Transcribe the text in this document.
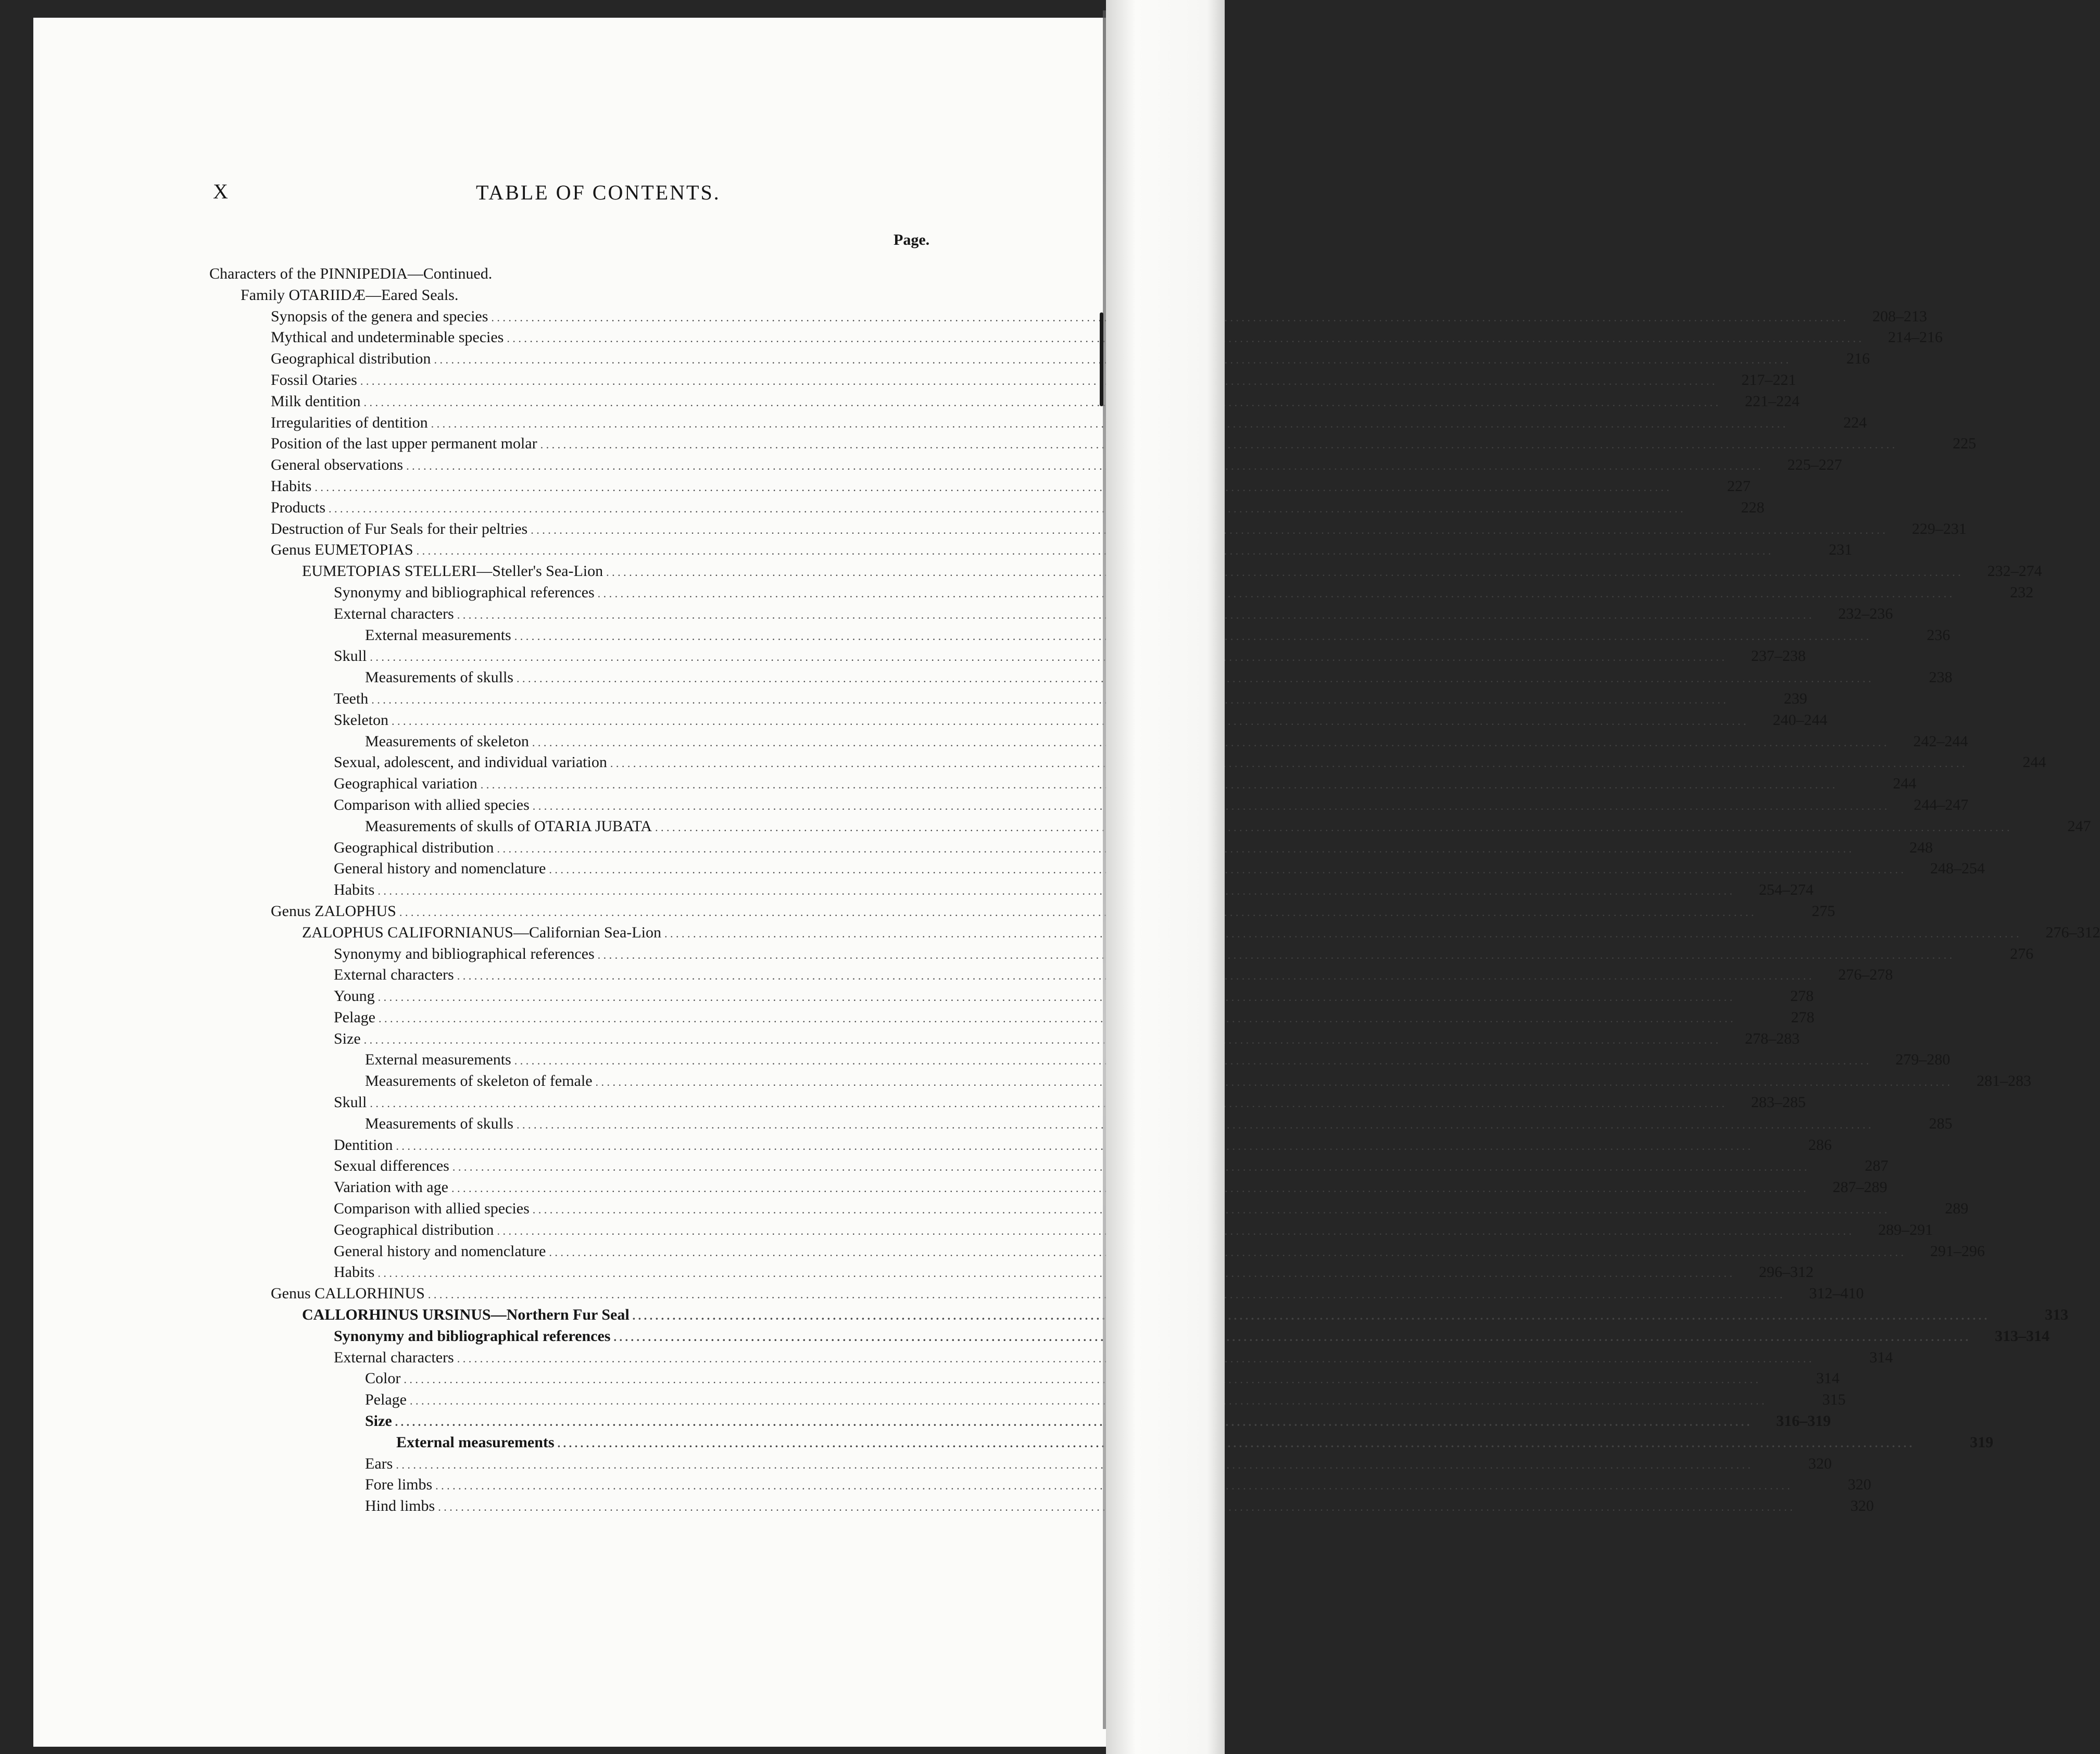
X	TABLE OF CONTENTS.
Page.
Characters of the PINNIPEDIA—Continued.
Family OTARIIDÆ—Eared Seals.
Synopsis of the genera and species . . .	208–213
Mythical and undeterminable species . . .	214–216
Geographical distribution . . .	216
Fossil Otaries . . .	217–221
Milk dentition . . .	221–224
Irregularities of dentition . . .	224
Position of the last upper permanent molar . . .	225
General observations . . .	225–227
Habits . . .	227
Products . . .	228
Destruction of Fur Seals for their peltries . . .	229–231
Genus EUMETOPIAS . . .	231
EUMETOPIAS STELLERI—Steller's Sea-Lion . . .	232–274
Synonymy and bibliographical references . . .	232
External characters . . .	232–236
External measurements . . .	236
Skull . . .	237–238
Measurements of skulls . . .	238
Teeth . . .	239
Skeleton . . .	240–244
Measurements of skeleton . . .	242–244
Sexual, adolescent, and individual variation . . .	244
Geographical variation . . .	244
Comparison with allied species . . .	244–247
Measurements of skulls of OTARIA JUBATA . . .	247
Geographical distribution . . .	248
General history and nomenclature . . .	248–254
Habits . . .	254–274
Genus ZALOPHUS . . .	275
ZALOPHUS CALIFORNIANUS—Californian Sea-Lion . . .	276–312
Synonymy and bibliographical references . . .	276
External characters . . .	276–278
Young . . .	278
Pelage . . .	278
Size . . .	278–283
External measurements . . .	279–280
Measurements of skeleton of female . . .	281–283
Skull . . .	283–285
Measurements of skulls . . .	285
Dentition . . .	286
Sexual differences . . .	287
Variation with age . . .	287–289
Comparison with allied species . . .	289
Geographical distribution . . .	289–291
General history and nomenclature . . .	291–296
Habits . . .	296–312
Genus CALLORHINUS . . .	312–410
CALLORHINUS URSINUS—Northern Fur Seal . . .	313
Synonymy and bibliographical references . . .	313–314
External characters . . .	314
Color . . .	314
Pelage . . .	315
Size . . .	316–319
External measurements . . .	319
Ears . . .	320
Fore limbs . . .	320
Hind limbs . . .	320
